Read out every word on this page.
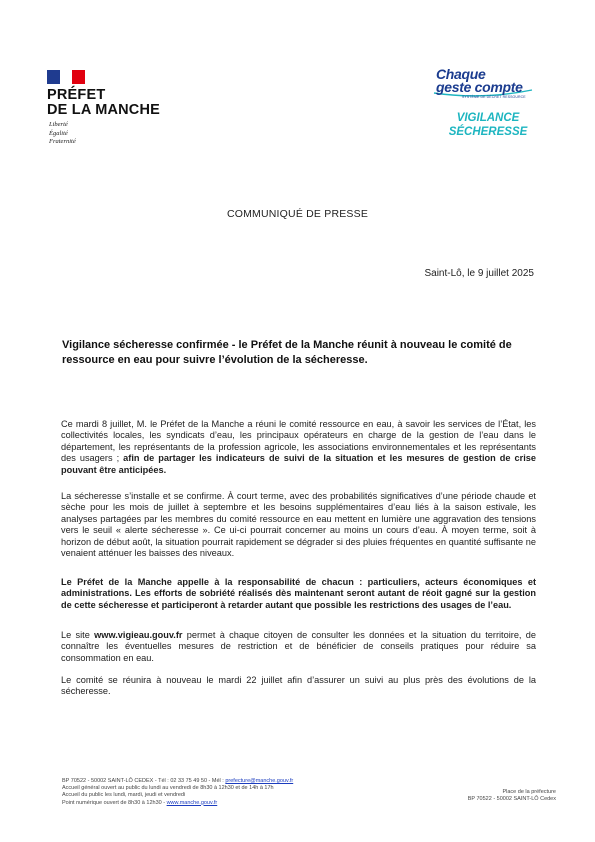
PRÉFET
DE LA MANCHE
Liberté
Égalité
Fraternité
Chaque
geste compte
SYSTÈME DE DÉCRET RESSOURCE
VIGILANCE
SÉCHERESSE
COMMUNIQUÉ DE PRESSE
Saint-Lô, le 9 juillet 2025
Vigilance sécheresse confirmée - le Préfet de la Manche réunit à nouveau le comité de ressource en eau pour suivre l’évolution de la sécheresse.
Ce mardi 8 juillet, M. le Préfet de la Manche a réuni le comité ressource en eau, à savoir les services de l’État, les collectivités locales, les syndicats d’eau, les principaux opérateurs en charge de la gestion de l’eau dans le département, les représentants de la profession agricole, les associations environnementales et les représentants des usagers ; afin de partager les indicateurs de suivi de la situation et les mesures de gestion de crise pouvant être anticipées.
La sécheresse s’installe et se confirme. À court terme, avec des probabilités significatives d’une période chaude et sèche pour les mois de juillet à septembre et les besoins supplémentaires d’eau liés à la saison estivale, les analyses partagées par les membres du comité ressource en eau mettent en lumière une aggravation des tensions vers le seuil « alerte sécheresse ». Ce ui-ci pourrait concerner au moins un cours d’eau. À moyen terme, soit à horizon de début août, la situation pourrait rapidement se dégrader si des pluies fréquentes en quantité suffisante ne venaient atténuer les baisses des niveaux.
Le Préfet de la Manche appelle à la responsabilité de chacun : particuliers, acteurs économiques et administrations. Les efforts de sobriété réalisés dès maintenant seront autant de réoit gagné sur la gestion de cette sécheresse et participeront à retarder autant que possible les restrictions des usages de l’eau.
Le site www.vigieau.gouv.fr permet à chaque citoyen de consulter les données et la situation du territoire, de connaître les éventuelles mesures de restriction et de bénéficier de conseils pratiques pour réduire sa consommation en eau.
Le comité se réunira à nouveau le mardi 22 juillet afin d’assurer un suivi au plus près des évolutions de la sécheresse.
BP 70522 - 50002 SAINT-LÔ CEDEX - Tél : 02 33 75 49 50 - Mél : prefecture@manche.gouv.fr
Accueil général ouvert au public du lundi au vendredi de 8h30 à 12h30 et de 14h à 17h
Accueil du public les lundi, mardi, jeudi et vendredi
Point numérique ouvert de 8h30 à 12h30 - www.manche.gouv.fr
Place de la préfecture
BP 70522 - 50002 SAINT-LÔ Cedex
